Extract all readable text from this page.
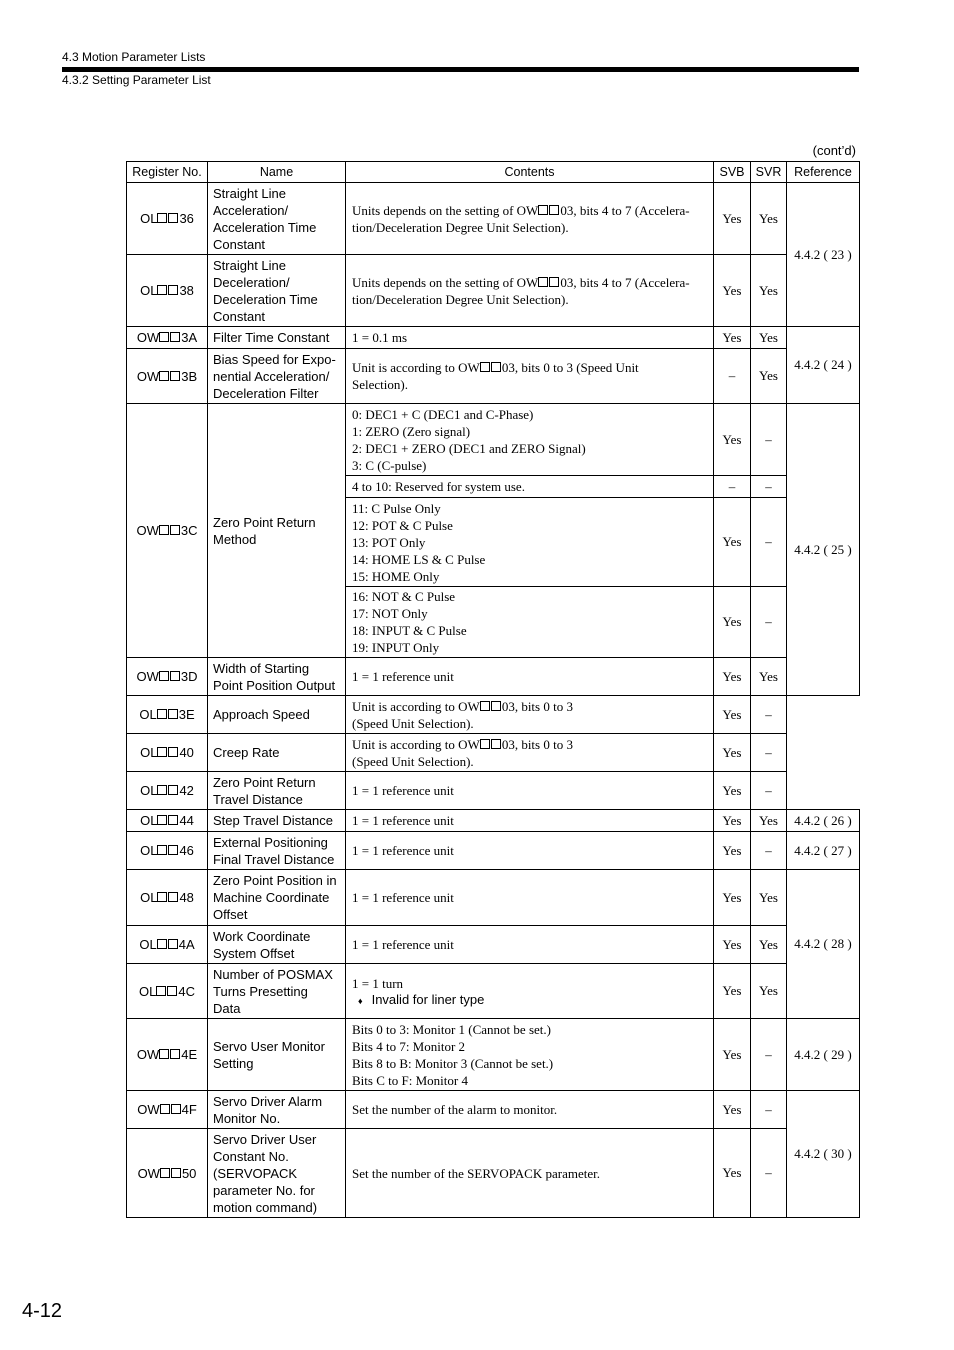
4.3 Motion Parameter Lists
4.3.2 Setting Parameter List
(cont’d)
Register No.	Name	Contents	SVB	SVR	Reference
OL 36	Straight Line
Acceleration/
Acceleration Time
Constant	Units depends on the setting of OW 03, bits 4 to 7 (Accelera-
tion/Deceleration Degree Unit Selection).	Yes	Yes	4.4.2 ( 23 )
OL 38	Straight Line
Deceleration/
Deceleration Time
Constant	Units depends on the setting of OW 03, bits 4 to 7 (Accelera-
tion/Deceleration Degree Unit Selection).	Yes	Yes	
OW 3A	Filter Time Constant	1 = 0.1 ms	Yes	Yes	4.4.2 ( 24 )
OW 3B	Bias Speed for Expo-
nential Acceleration/
Deceleration Filter	Unit is according to OW 03, bits 0 to 3 (Speed Unit
Selection).	–	Yes	
OW 3C	Zero Point Return
Method	0: DEC1 + C (DEC1 and C-Phase)
1: ZERO (Zero signal)
2: DEC1 + ZERO (DEC1 and ZERO Signal)
3: C (C-pulse)	Yes	–	4.4.2 ( 25 )

		4 to 10: Reserved for system use.	–	–	

		11: C Pulse Only
12: POT & C Pulse
13: POT Only
14: HOME LS & C Pulse
15: HOME Only	Yes	–	

		16: NOT & C Pulse
17: NOT Only
18: INPUT & C Pulse
19: INPUT Only	Yes	–	
OW 3D	Width of Starting
Point Position Output	1 = 1 reference unit	Yes	Yes	
OL 3E	Approach Speed	Unit is according to OW 03, bits 0 to 3
(Speed Unit Selection).	Yes	–	
OL 40	Creep Rate	Unit is according to OW 03, bits 0 to 3
(Speed Unit Selection).	Yes	–	
OL 42	Zero Point Return
Travel Distance	1 = 1 reference unit	Yes	–	
OL 44	Step Travel Distance	1 = 1 reference unit	Yes	Yes	4.4.2 ( 26 )
OL 46	External Positioning
Final Travel Distance	1 = 1 reference unit	Yes	–	4.4.2 ( 27 )
OL 48	Zero Point Position in
Machine Coordinate
Offset	1 = 1 reference unit	Yes	Yes	4.4.2 ( 28 )
OL 4A	Work Coordinate
System Offset	1 = 1 reference unit	Yes	Yes	
OL 4C	Number of POSMAX
Turns Presetting
Data	1 = 1 turn
♦ Invalid for liner type	Yes	Yes	
OW 4E	Servo User Monitor
Setting	Bits 0 to 3: Monitor 1 (Cannot be set.)
Bits 4 to 7: Monitor 2
Bits 8 to B: Monitor 3 (Cannot be set.)
Bits C to F: Monitor 4	Yes	–	4.4.2 ( 29 )
OW 4F	Servo Driver Alarm
Monitor No.	Set the number of the alarm to monitor.	Yes	–	4.4.2 ( 30 )
OW 50	Servo Driver User
Constant No.
(SERVOPACK
parameter No. for
motion command)	Set the number of the SERVOPACK parameter.	Yes	–	
4-12
